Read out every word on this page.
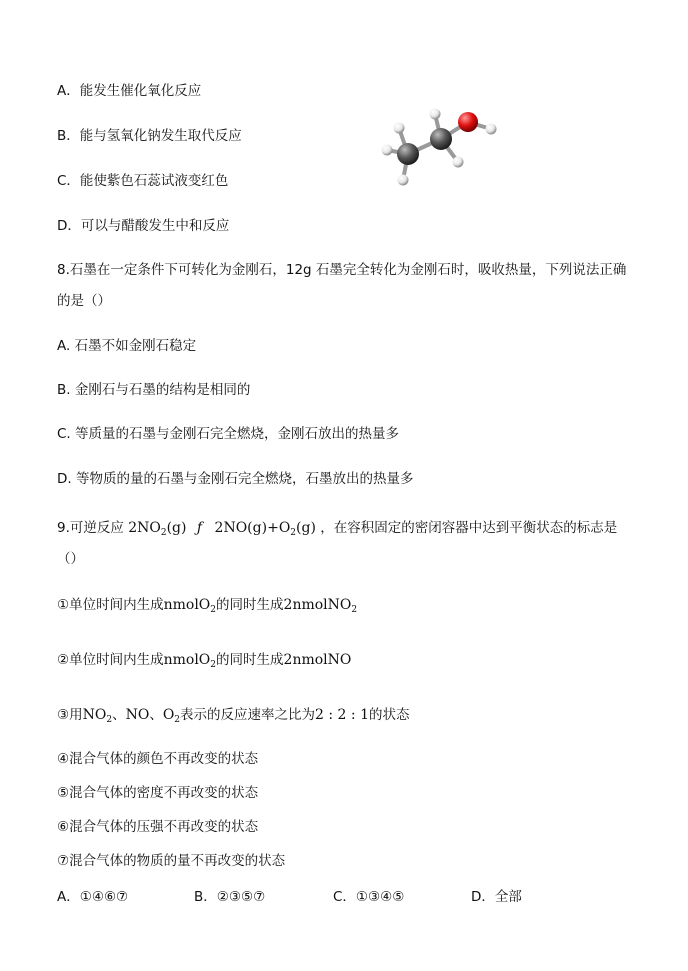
A．能发生催化氧化反应
B．能与氢氧化钠发生取代反应
C．能使紫色石蕊试液变红色
D．可以与醋酸发生中和反应
8.石墨在一定条件下可转化为金刚石，12g 石墨完全转化为金刚石时，吸收热量，下列说法正确
的是（）
A. 石墨不如金刚石稳定
B. 金刚石与石墨的结构是相同的
C. 等质量的石墨与金刚石完全燃烧，金刚石放出的热量多
D. 等物质的量的石墨与金刚石完全燃烧，石墨放出的热量多
9.可逆反应 $2NO_2(g)$ ƒ $2NO(g)+O_2(g)$ ，在容积固定的密闭容器中达到平衡状态的标志是
（）
①单位时间内生成nmolO$_2$的同时生成2nmolNO$_2$
②单位时间内生成nmolO$_2$的同时生成2nmolNO
③用$NO_2$、NO、$O_2$表示的反应速率之比为2 : 2 : 1的状态
④混合气体的颜色不再改变的状态
⑤混合气体的密度不再改变的状态
⑥混合气体的压强不再改变的状态
⑦混合气体的物质的量不再改变的状态
A．①④⑥⑦	B．②③⑤⑦	C．①③④⑤	D．全部
